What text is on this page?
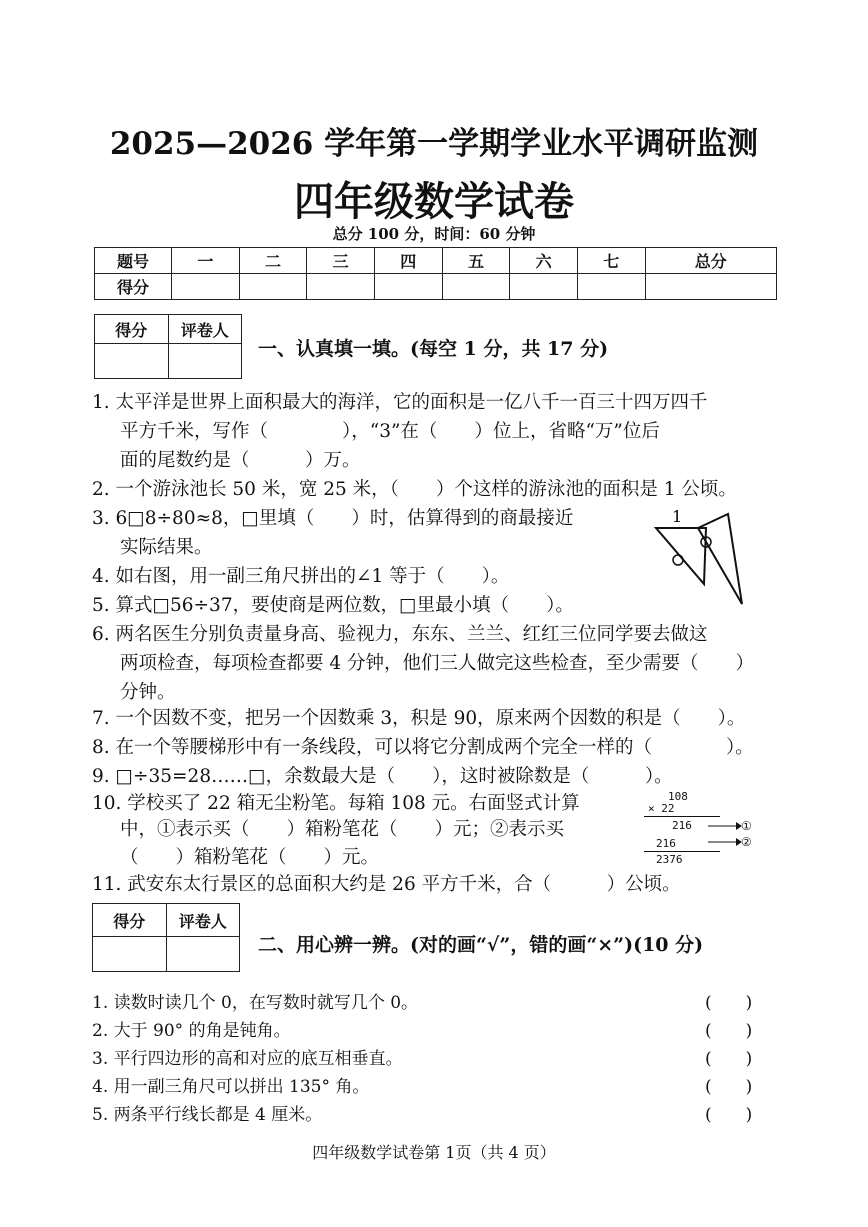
2025—2026 学年第一学期学业水平调研监测
四年级数学试卷
总分 100 分，时间：60 分钟
题号	一	二	三	四	五	六	七	总分
得分								
得分	评卷人

一、认真填一填。(每空 1 分，共 17 分)
1. 太平洋是世界上面积最大的海洋，它的面积是一亿八千一百三十四万四千
平方千米，写作（　　　　），“3”在（　　）位上，省略“万”位后
面的尾数约是（　　　）万。
2. 一个游泳池长 50 米，宽 25 米，（　　）个这样的游泳池的面积是 1 公顷。
3. 6□8÷80≈8，□里填（　　）时，估算得到的商最接近
实际结果。
4. 如右图，用一副三角尺拼出的∠1 等于（　　）。
5. 算式□56÷37，要使商是两位数，□里最小填（　　）。
6. 两名医生分别负责量身高、验视力，东东、兰兰、红红三位同学要去做这
两项检查，每项检查都要 4 分钟，他们三人做完这些检查，至少需要（　　）
分钟。
7. 一个因数不变，把另一个因数乘 3，积是 90，原来两个因数的积是（　　）。
8. 在一个等腰梯形中有一条线段，可以将它分割成两个完全一样的（　　　　）。
9. □÷35=28……□，余数最大是（　　），这时被除数是（　　　）。
10. 学校买了 22 箱无尘粉笔。每箱 108 元。右面竖式计算
中，①表示买（　　）箱粉笔花（　　）元；②表示买
（　　）箱粉笔花（　　）元。
11. 武安东太行景区的总面积大约是 26 平方千米，合（　　　）公顷。
1
108
× 22
216
216
2376
①
②
得分	评卷人

二、用心辨一辨。(对的画“√”，错的画“×”)(10 分)
1. 读数时读几个 0，在写数时就写几个 0。	(　　)
2. 大于 90° 的角是钝角。	(　　)
3. 平行四边形的高和对应的底互相垂直。	(　　)
4. 用一副三角尺可以拼出 135° 角。	(　　)
5. 两条平行线长都是 4 厘米。	(　　)
四年级数学试卷第 1页（共 4 页）
